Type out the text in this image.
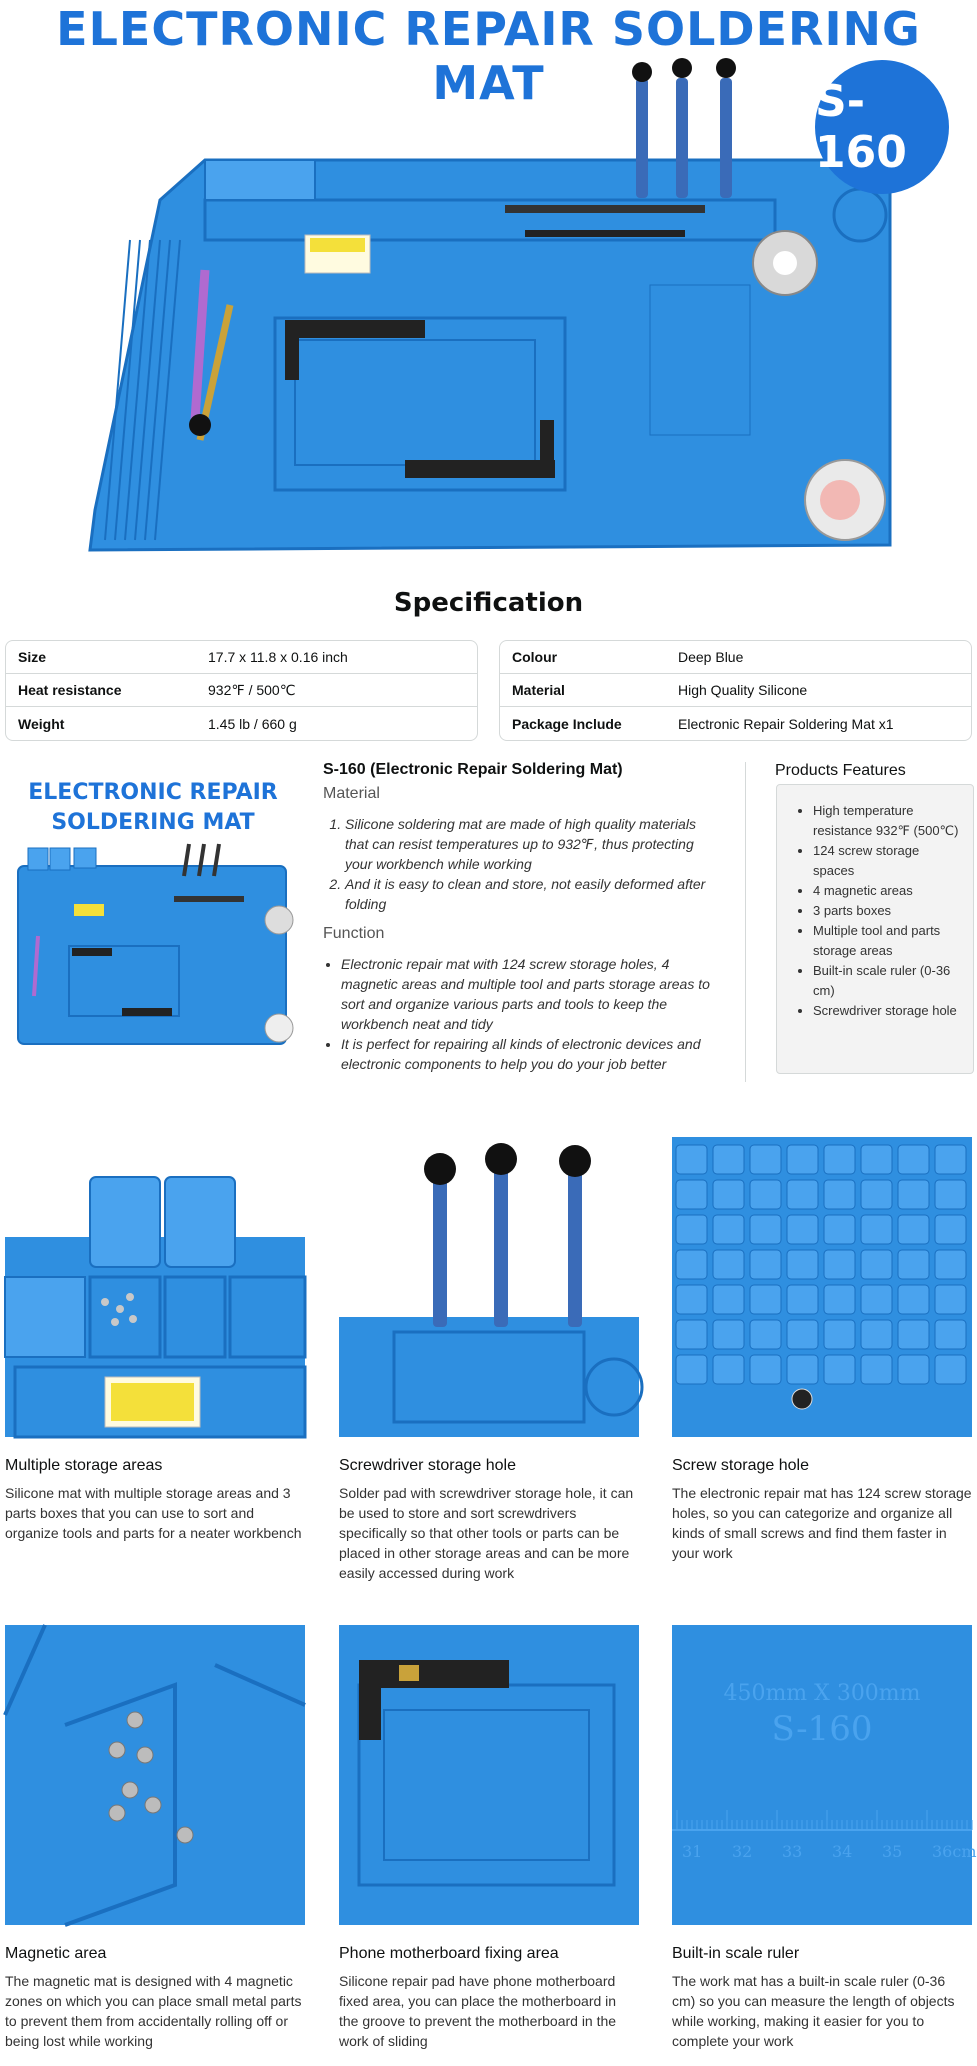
ELECTRONIC REPAIR SOLDERING MAT	S-160
Specification
Size	17.7 x 11.8 x 0.16 inch
Heat resistance	932℉ / 500℃
Weight	1.45 lb / 660 g
Colour	Deep Blue
Material	High Quality Silicone
Package Include	Electronic Repair Soldering Mat x1
ELECTRONIC REPAIR
SOLDERING MAT
S-160 (Electronic Repair Soldering Mat)
Material
1. Silicone soldering mat are made of high quality materials that can resist temperatures up to 932℉, thus protecting your workbench while working
2. And it is easy to clean and store, not easily deformed after folding
Function
• Electronic repair mat with 124 screw storage holes, 4 magnetic areas and multiple tool and parts storage areas to sort and organize various parts and tools to keep the workbench neat and tidy
• It is perfect for repairing all kinds of electronic devices and electronic components to help you do your job better
Products Features
• High temperature resistance 932℉ (500℃)
• 124 screw storage spaces
• 4 magnetic areas
• 3 parts boxes
• Multiple tool and parts storage areas
• Built-in scale ruler (0-36 cm)
• Screwdriver storage hole
Multiple storage areas
Silicone mat with multiple storage areas and 3 parts boxes that you can use to sort and organize tools and parts for a neater workbench
Screwdriver storage hole
Solder pad with screwdriver storage hole, it can be used to store and sort screwdrivers specifically so that other tools or parts can be placed in other storage areas and can be more easily accessed during work
Screw storage hole
The electronic repair mat has 124 screw storage holes, so you can categorize and organize all kinds of small screws and find them faster in your work
Magnetic area
The magnetic mat is designed with 4 magnetic zones on which you can place small metal parts to prevent them from accidentally rolling off or being lost while working
Phone motherboard fixing area
Silicone repair pad have phone motherboard fixed area, you can place the motherboard in the groove to prevent the motherboard in the work of sliding
450mm X 300mm
S-160
31 32 33 34 35 36cm
Built-in scale ruler
The work mat has a built-in scale ruler (0-36 cm) so you can measure the length of objects while working, making it easier for you to complete your work
